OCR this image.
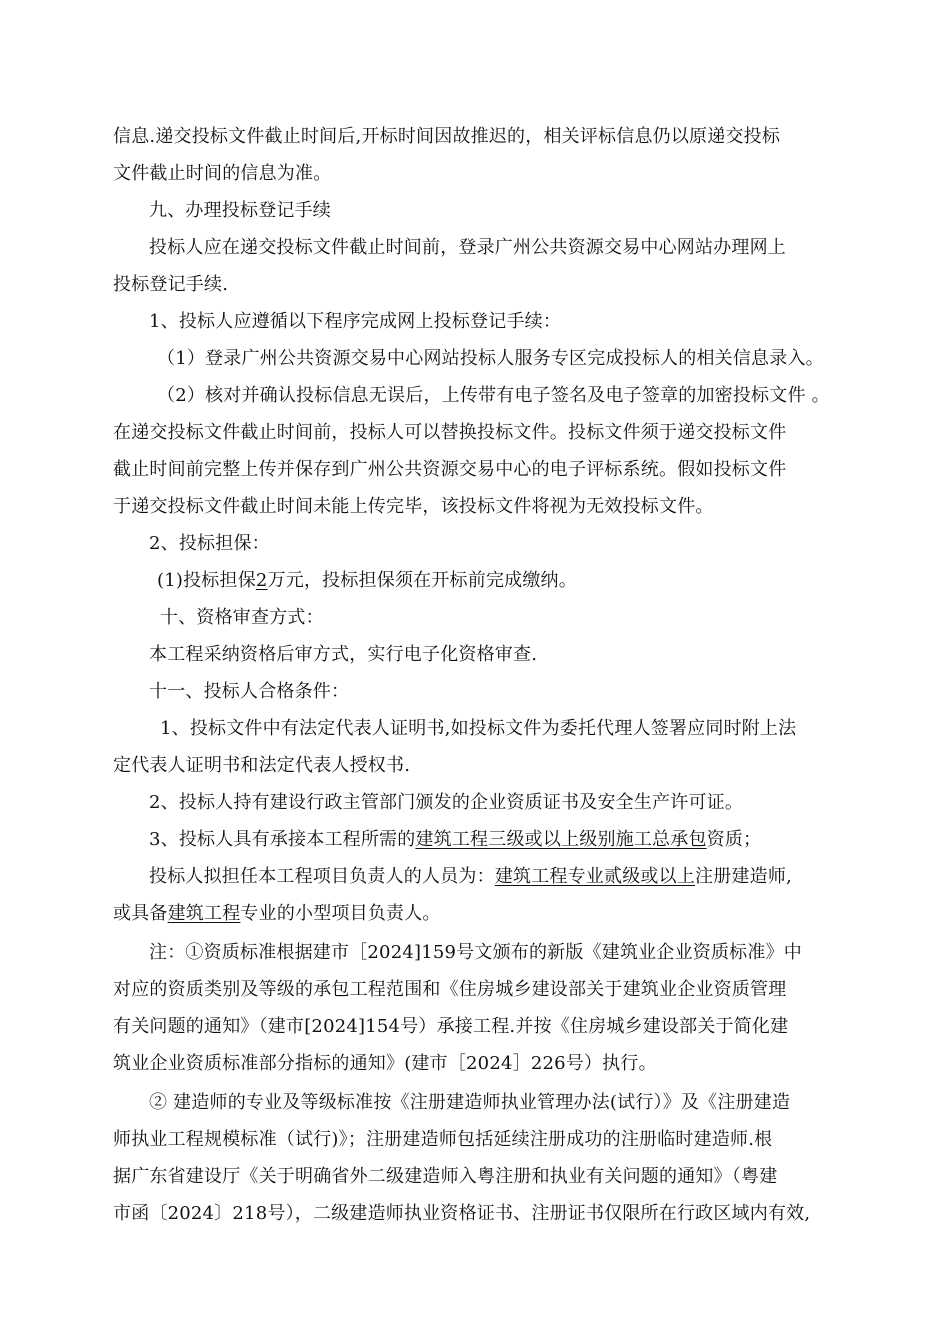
信息.递交投标文件截止时间后,开标时间因故推迟的，相关评标信息仍以原递交投标
文件截止时间的信息为准。
九、办理投标登记手续
投标人应在递交投标文件截止时间前，登录广州公共资源交易中心网站办理网上
投标登记手续.
1、投标人应遵循以下程序完成网上投标登记手续：
（1）登录广州公共资源交易中心网站投标人服务专区完成投标人的相关信息录入。
（2）核对并确认投标信息无误后，上传带有电子签名及电子签章的加密投标文件 。
在递交投标文件截止时间前，投标人可以替换投标文件。投标文件须于递交投标文件
截止时间前完整上传并保存到广州公共资源交易中心的电子评标系统。假如投标文件
于递交投标文件截止时间未能上传完毕，该投标文件将视为无效投标文件。
2、投标担保：
(1)投标担保2万元，投标担保须在开标前完成缴纳。
十、资格审查方式：
本工程采纳资格后审方式，实行电子化资格审查.
十一、投标人合格条件：
1、投标文件中有法定代表人证明书,如投标文件为委托代理人签署应同时附上法
定代表人证明书和法定代表人授权书.
2、投标人持有建设行政主管部门颁发的企业资质证书及安全生产许可证。
3、投标人具有承接本工程所需的建筑工程三级或以上级别施工总承包资质；
投标人拟担任本工程项目负责人的人员为：建筑工程专业贰级或以上注册建造师,
或具备建筑工程专业的小型项目负责人。
注：①资质标准根据建市［2024]159号文颁布的新版《建筑业企业资质标准》中
对应的资质类别及等级的承包工程范围和《住房城乡建设部关于建筑业企业资质管理
有关问题的通知》（建市[2024]154号）承接工程.并按《住房城乡建设部关于简化建
筑业企业资质标准部分指标的通知》(建市［2024］226号）执行。
② 建造师的专业及等级标准按《注册建造师执业管理办法(试行）》及《注册建造
师执业工程规模标准（试行)》；注册建造师包括延续注册成功的注册临时建造师.根
据广东省建设厅《关于明确省外二级建造师入粤注册和执业有关问题的通知》（粤建
市函〔2024〕218号），二级建造师执业资格证书、注册证书仅限所在行政区域内有效,
